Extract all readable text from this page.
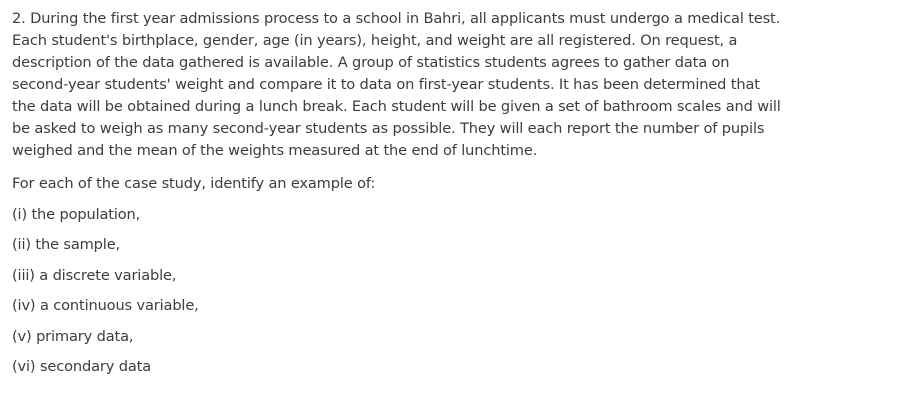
2. During the first year admissions process to a school in Bahri, all applicants must undergo a medical test.
Each student's birthplace, gender, age (in years), height, and weight are all registered. On request, a
description of the data gathered is available. A group of statistics students agrees to gather data on
second-year students' weight and compare it to data on first-year students. It has been determined that
the data will be obtained during a lunch break. Each student will be given a set of bathroom scales and will
be asked to weigh as many second-year students as possible. They will each report the number of pupils
weighed and the mean of the weights measured at the end of lunchtime.

For each of the case study, identify an example of:

(i) the population,
(ii) the sample,
(iii) a discrete variable,
(iv) a continuous variable,
(v) primary data,
(vi) secondary data
